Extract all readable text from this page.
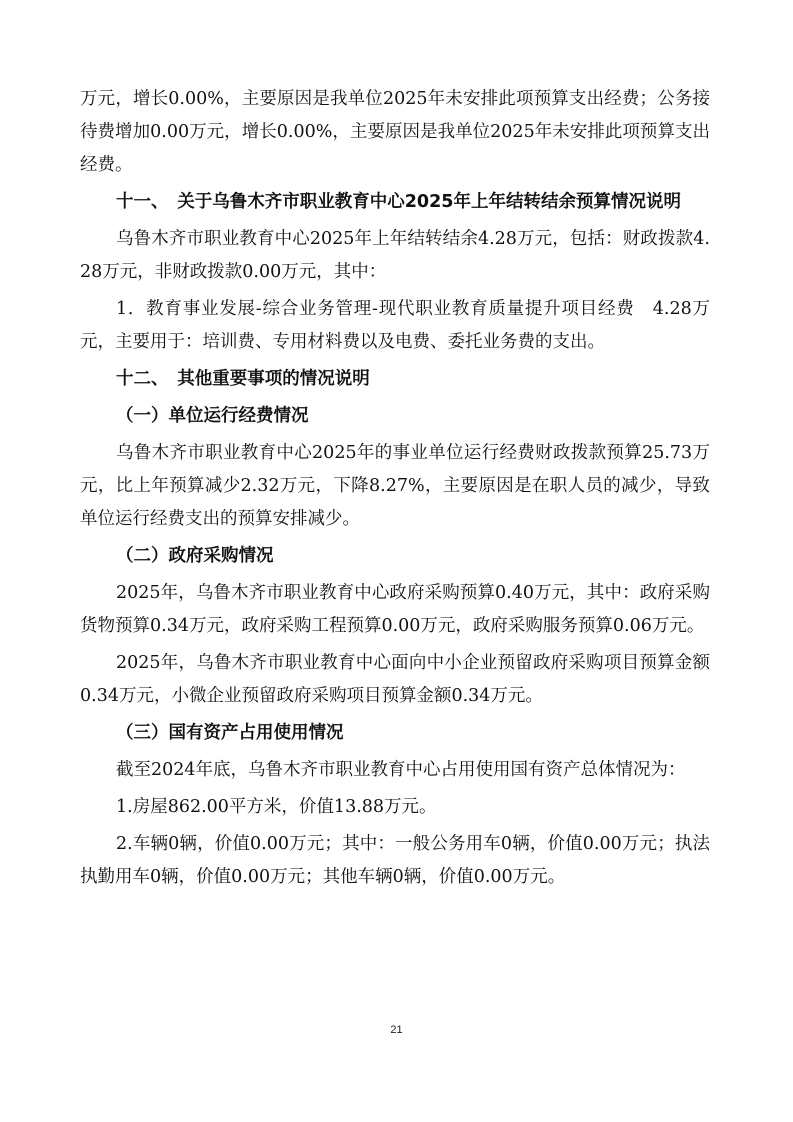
万元，增长0.00%，主要原因是我单位2025年未安排此项预算支出经费；公务接待费增加0.00万元，增长0.00%，主要原因是我单位2025年未安排此项预算支出经费。

十一、　关于乌鲁木齐市职业教育中心2025年上年结转结余预算情况说明

乌鲁木齐市职业教育中心2025年上年结转结余4.28万元，包括：财政拨款4.28万元，非财政拨款0.00万元，其中：

1．教育事业发展-综合业务管理-现代职业教育质量提升项目经费　4.28万元，主要用于：培训费、专用材料费以及电费、委托业务费的支出。

十二、　其他重要事项的情况说明

（一）单位运行经费情况

乌鲁木齐市职业教育中心2025年的事业单位运行经费财政拨款预算25.73万元，比上年预算减少2.32万元，下降8.27%，主要原因是在职人员的减少，导致单位运行经费支出的预算安排减少。

（二）政府采购情况

2025年，乌鲁木齐市职业教育中心政府采购预算0.40万元，其中：政府采购货物预算0.34万元，政府采购工程预算0.00万元，政府采购服务预算0.06万元。

2025年，乌鲁木齐市职业教育中心面向中小企业预留政府采购项目预算金额0.34万元，小微企业预留政府采购项目预算金额0.34万元。

（三）国有资产占用使用情况

截至2024年底，乌鲁木齐市职业教育中心占用使用国有资产总体情况为：

1.房屋862.00平方米，价值13.88万元。

2.车辆0辆，价值0.00万元；其中：一般公务用车0辆，价值0.00万元；执法执勤用车0辆，价值0.00万元；其他车辆0辆，价值0.00万元。

21
